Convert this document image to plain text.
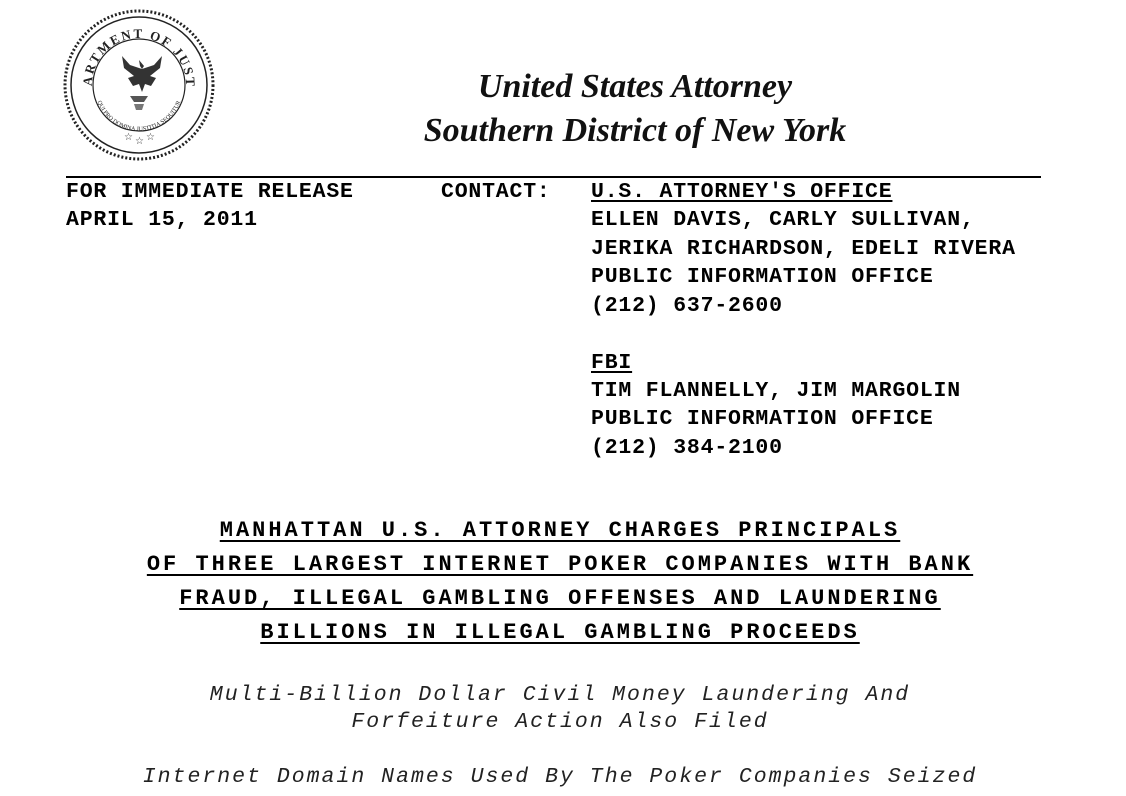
ARTMENT OF JUST
QUI PRO DOMINA JUSTITIA SEQUITUR
☆ ☆ ☆
United States Attorney
Southern District of New York
FOR IMMEDIATE RELEASE
APRIL 15, 2011
CONTACT: U.S. ATTORNEY'S OFFICE
ELLEN DAVIS, CARLY SULLIVAN,
JERIKA RICHARDSON, EDELI RIVERA
PUBLIC INFORMATION OFFICE
(212) 637-2600
FBI
TIM FLANNELLY, JIM MARGOLIN
PUBLIC INFORMATION OFFICE
(212) 384-2100
MANHATTAN U.S. ATTORNEY CHARGES PRINCIPALS
OF THREE LARGEST INTERNET POKER COMPANIES WITH BANK
FRAUD, ILLEGAL GAMBLING OFFENSES AND LAUNDERING
BILLIONS IN ILLEGAL GAMBLING PROCEEDS
Multi-Billion Dollar Civil Money Laundering And
Forfeiture Action Also Filed
Internet Domain Names Used By The Poker Companies Seized
